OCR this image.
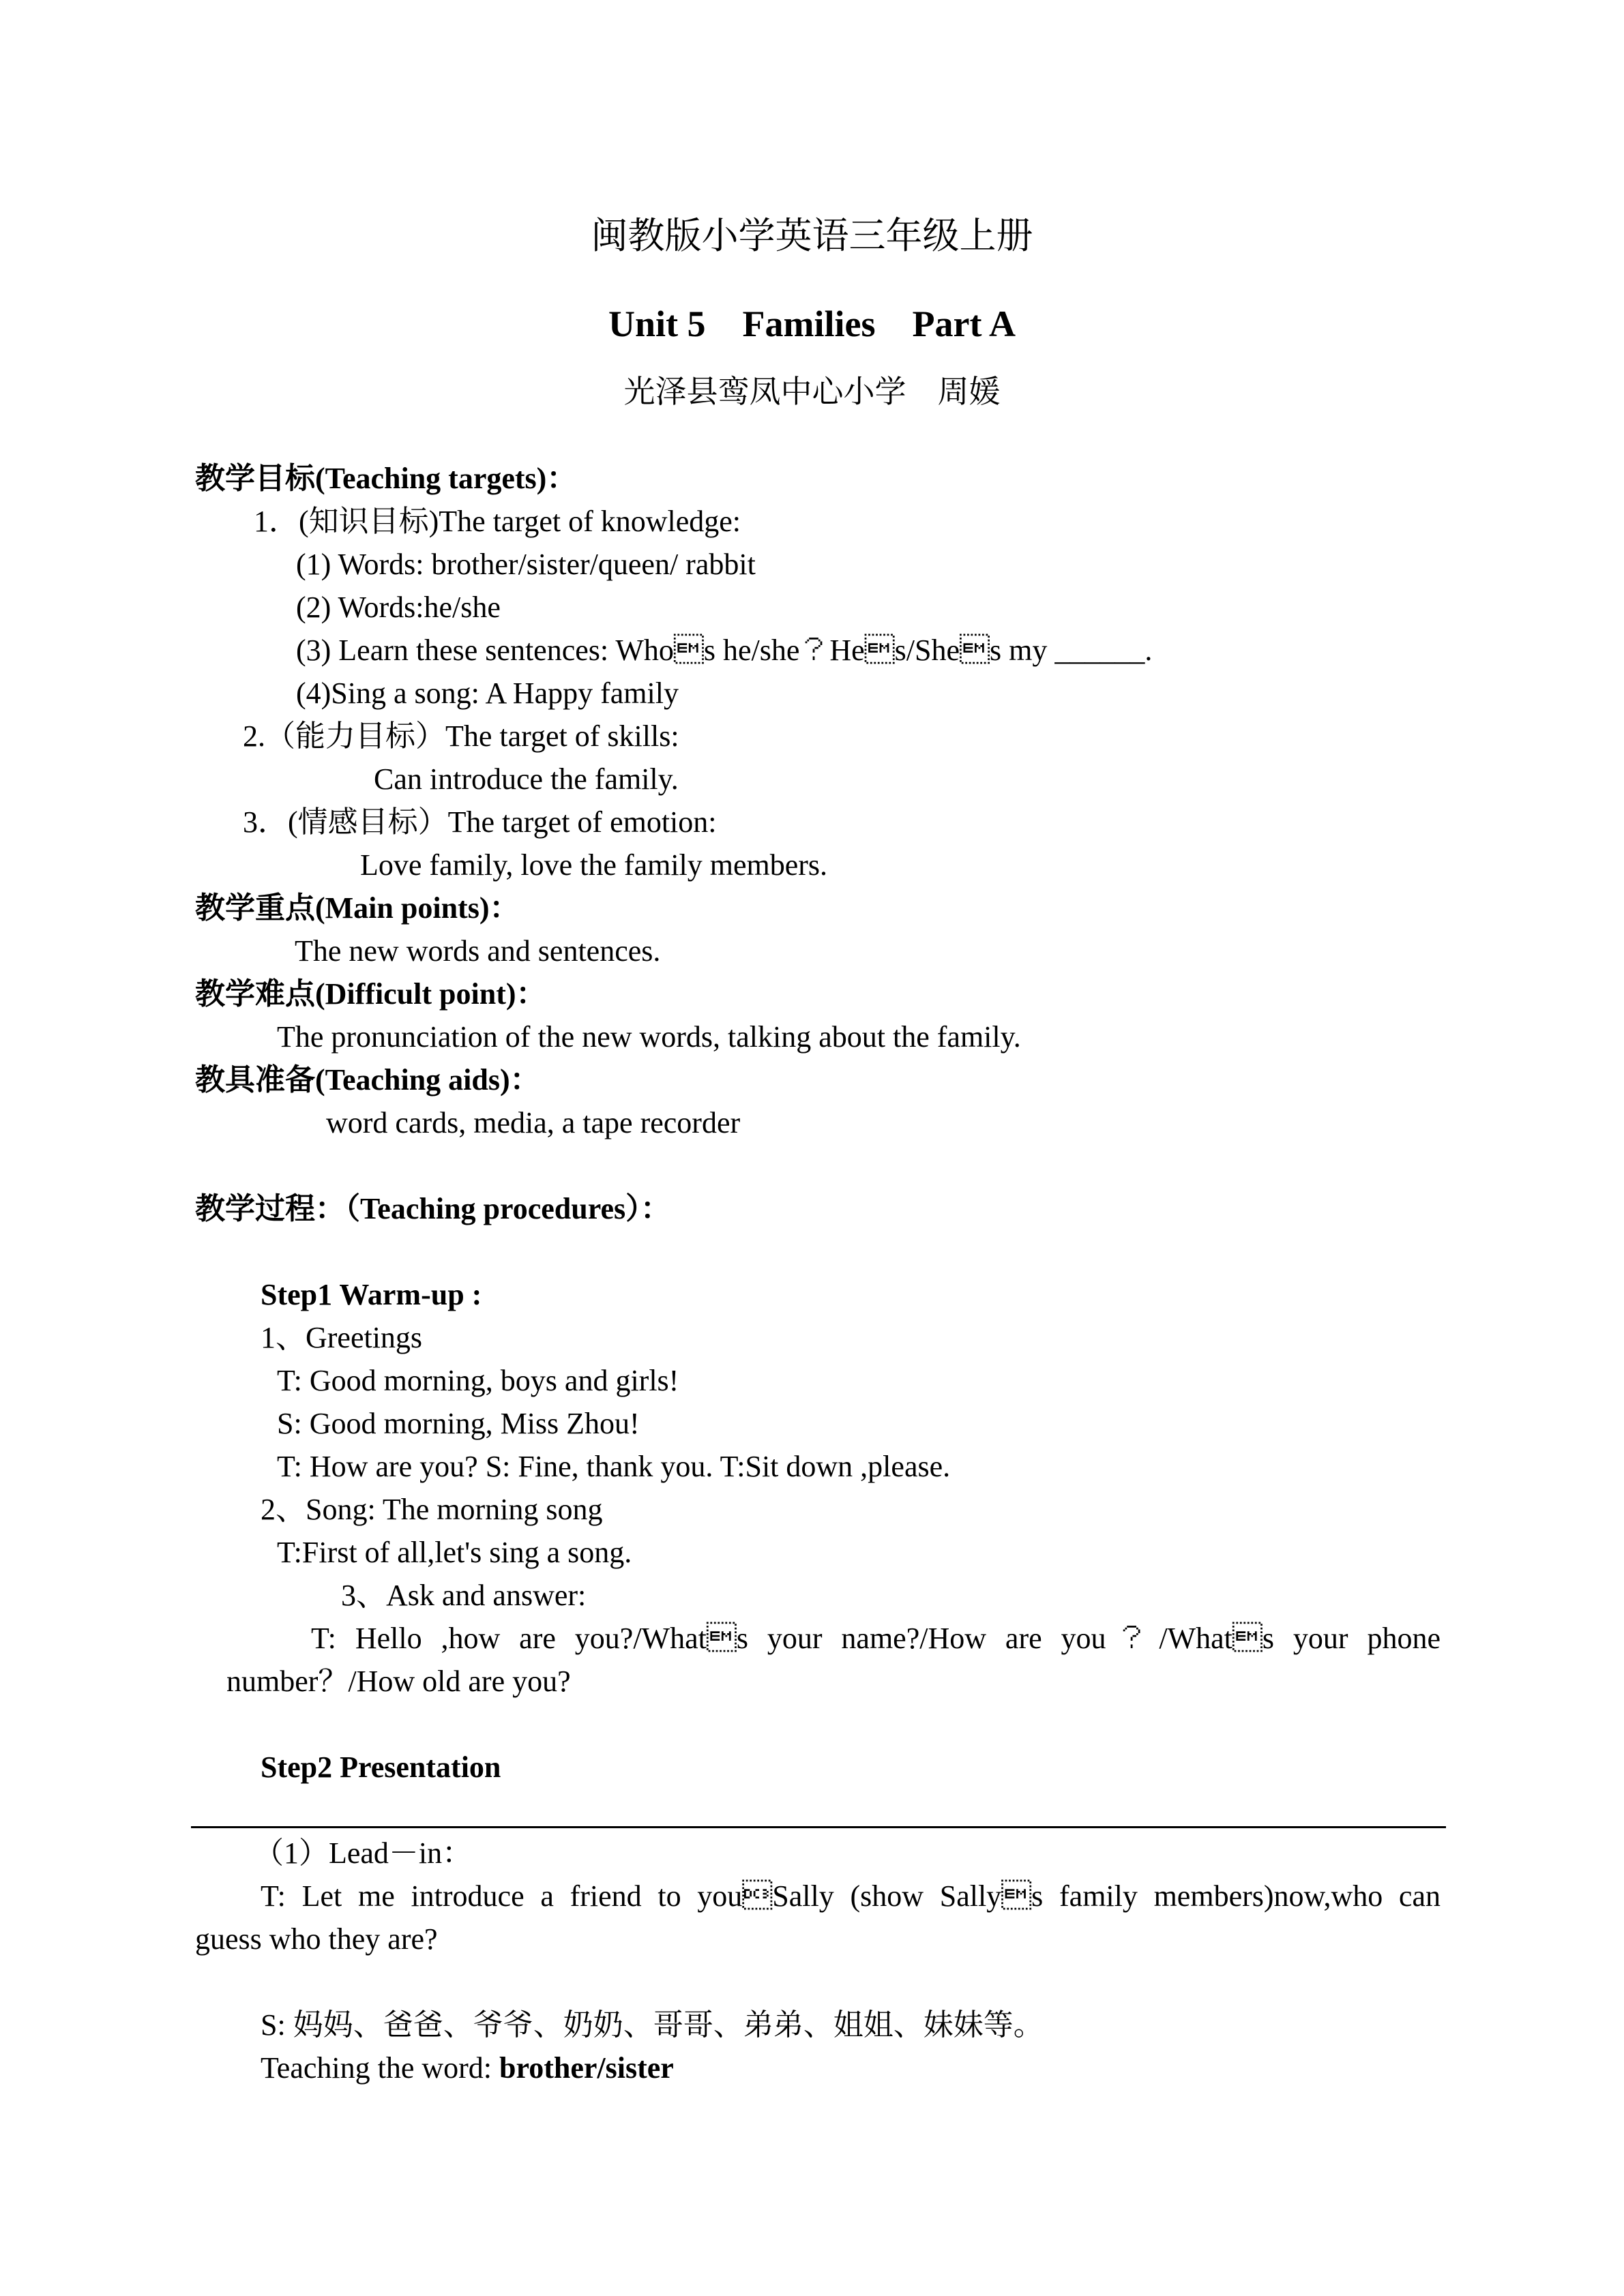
闽教版小学英语三年级上册
Unit 5    Families    Part A
光泽县鸾凤中心小学    周媛
教学目标(Teaching targets)：
1．(知识目标)The target of knowledge:
(1) Words: brother/sister/queen/ rabbit
(2) Words:he/she
(3) Learn these sentences: Whos he/she？Hes/Shes my ______.
(4)Sing a song: A Happy family
2.（能力目标）The target of skills:
Can introduce the family.
3．(情感目标）The target of emotion:
Love family, love the family members.
教学重点(Main points)：
The new words and sentences.
教学难点(Difficult point)：
The pronunciation of the new words, talking about the family.
教具准备(Teaching aids)：
word cards, media, a tape recorder
教学过程：（Teaching procedures）：
Step1 Warm-up :
1、Greetings
T: Good morning, boys and girls!
S: Good morning, Miss Zhou!
T: How are you? S: Fine, thank you. T:Sit down ,please.
2、Song: The morning song
T:First of all,let's sing a song.
3、Ask and answer:
T: Hello ,how are you?/Whats your name?/How are you？/Whats your phone
number？/How old are you?
Step2 Presentation
（1）Lead－in：
T: Let me introduce a friend to youSally (show Sallys family members)now,who can
guess who they are?
S: 妈妈、爸爸、爷爷、奶奶、哥哥、弟弟、姐姐、妹妹等。
Teaching the word: brother/sister
